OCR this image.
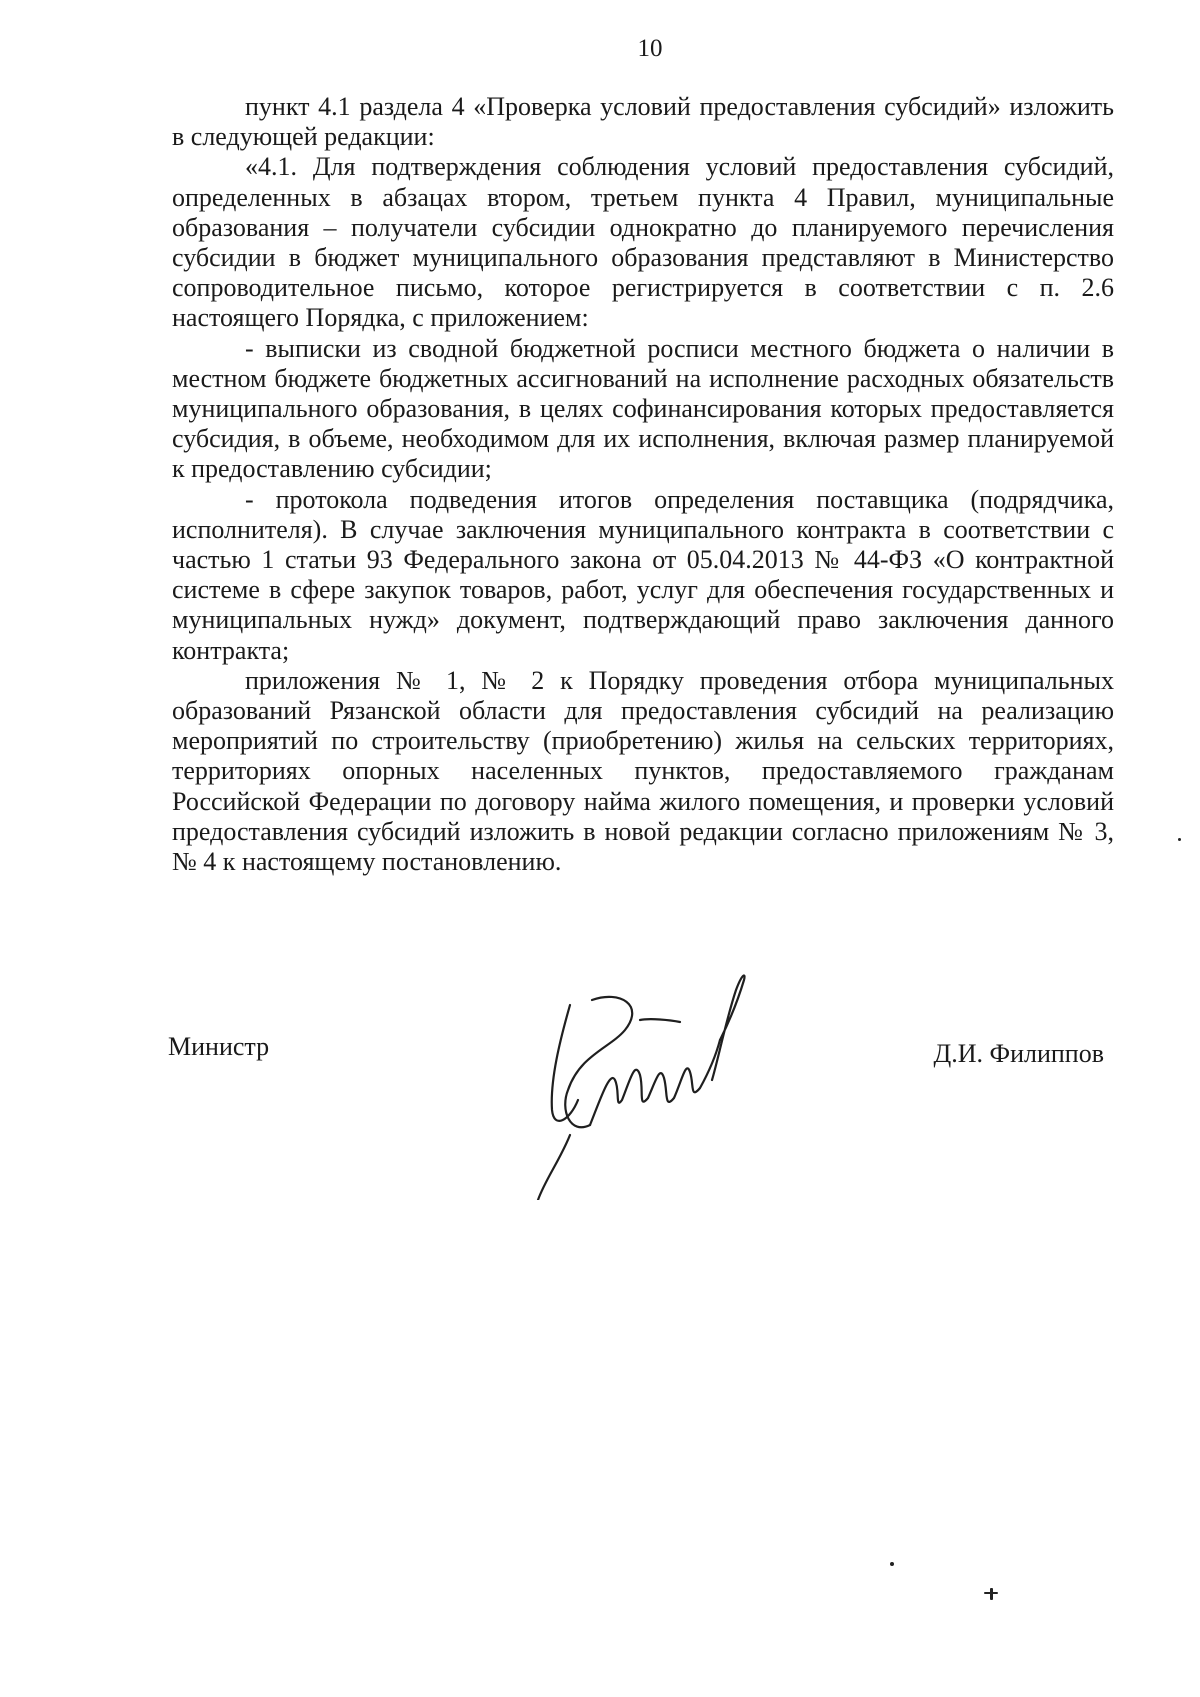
10

пункт 4.1 раздела 4 «Проверка условий предоставления субсидий» изложить в следующей редакции:

«4.1. Для подтверждения соблюдения условий предоставления субсидий, определенных в абзацах втором, третьем пункта 4 Правил, муниципальные образования – получатели субсидии однократно до планируемого перечисления субсидии в бюджет муниципального образования представляют в Министерство сопроводительное письмо, которое регистрируется в соответствии с п. 2.6 настоящего Порядка, с приложением:

- выписки из сводной бюджетной росписи местного бюджета о наличии в местном бюджете бюджетных ассигнований на исполнение расходных обязательств муниципального образования, в целях софинансирования которых предоставляется субсидия, в объеме, необходимом для их исполнения, включая размер планируемой к предоставлению субсидии;

- протокола подведения итогов определения поставщика (подрядчика, исполнителя). В случае заключения муниципального контракта в соответствии с частью 1 статьи 93 Федерального закона от 05.04.2013 № 44-ФЗ «О контрактной системе в сфере закупок товаров, работ, услуг для обеспечения государственных и муниципальных нужд» документ, подтверждающий право заключения данного контракта;

приложения № 1, № 2 к Порядку проведения отбора муниципальных образований Рязанской области для предоставления субсидий на реализацию мероприятий по строительству (приобретению) жилья на сельских территориях, территориях опорных населенных пунктов, предоставляемого гражданам Российской Федерации по договору найма жилого помещения, и проверки условий предоставления субсидий изложить в новой редакции согласно приложениям № 3, № 4 к настоящему постановлению.

Министр	Д.И. Филиппов
